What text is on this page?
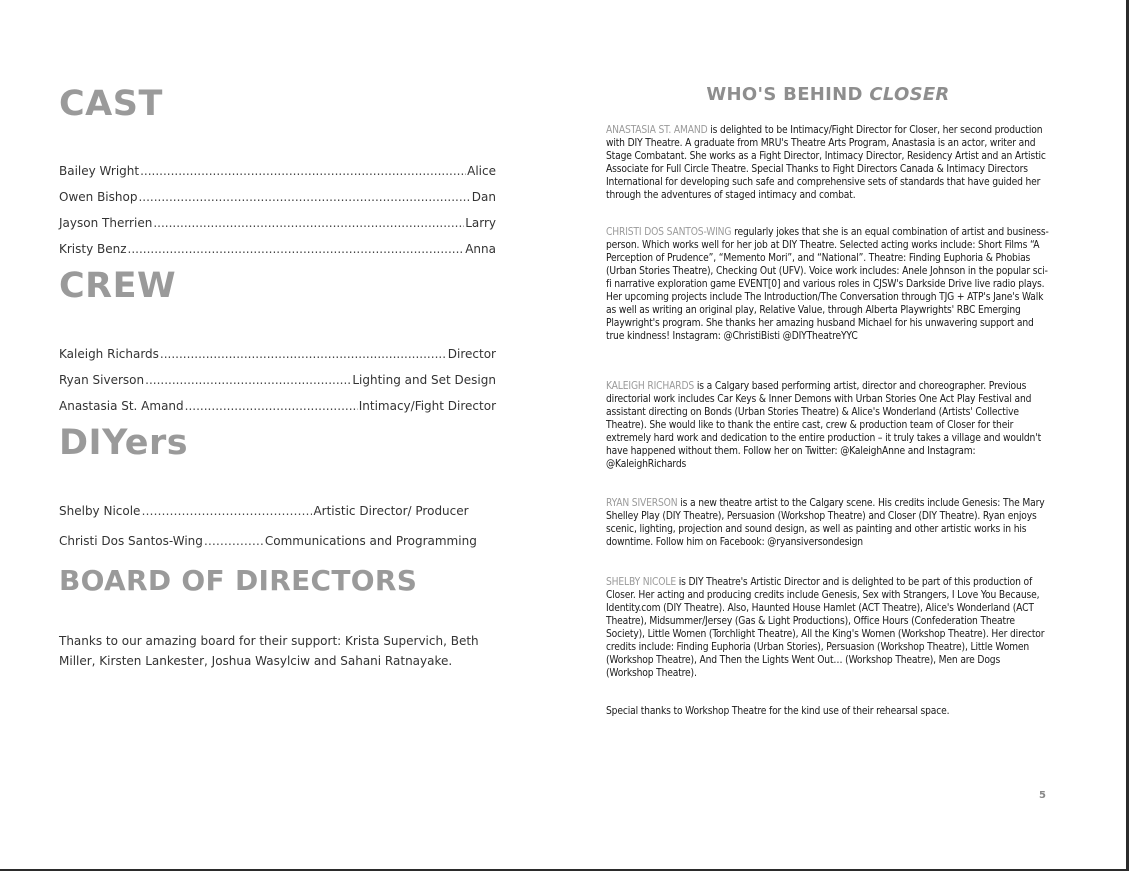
CAST
Bailey Wright .....	Alice
Owen Bishop .....	Dan
Jayson Therrien .....	Larry
Kristy Benz .....	Anna
CREW
Kaleigh Richards .....	Director
Ryan Siverson .....	Lighting and Set Design
Anastasia St. Amand .....	Intimacy/Fight Director
DIYers
Shelby Nicole ……………………………………………………………………	Artistic Director/ Producer
Christi Dos Santos-Wing ……………………………………………………………………	Communications and Programming
BOARD OF DIRECTORS

Thanks to our amazing board for their support: Krista Supervich, Beth Miller, Kirsten Lankester, Joshua Wasylciw and Sahani Ratnayake.

WHO'S BEHIND CLOSER

ANASTASIA ST. AMAND is delighted to be Intimacy/Fight Director for Closer, her second production with DIY Theatre. A graduate from MRU's Theatre Arts Program, Anastasia is an actor, writer and Stage Combatant. She works as a Fight Director, Intimacy Director, Residency Artist and an Artistic Associate for Full Circle Theatre. Special Thanks to Fight Directors Canada & Intimacy Directors International for developing such safe and comprehensive sets of standards that have guided her through the adventures of staged intimacy and combat.

CHRISTI DOS SANTOS-WING regularly jokes that she is an equal combination of artist and business-person. Which works well for her job at DIY Theatre. Selected acting works include: Short Films “A Perception of Prudence”, “Memento Mori”, and “National”. Theatre: Finding Euphoria & Phobias (Urban Stories Theatre), Checking Out (UFV). Voice work includes: Anele Johnson in the popular sci-fi narrative exploration game EVENT[0] and various roles in CJSW's Darkside Drive live radio plays. Her upcoming projects include The Introduction/The Conversation through TJG + ATP's Jane's Walk as well as writing an original play, Relative Value, through Alberta Playwrights' RBC Emerging Playwright's program. She thanks her amazing husband Michael for his unwavering support and true kindness! Instagram: @ChristiBisti @DIYTheatreYYC

KALEIGH RICHARDS is a Calgary based performing artist, director and choreographer. Previous directorial work includes Car Keys & Inner Demons with Urban Stories One Act Play Festival and assistant directing on Bonds (Urban Stories Theatre) & Alice's Wonderland (Artists' Collective Theatre). She would like to thank the entire cast, crew & production team of Closer for their extremely hard work and dedication to the entire production – it truly takes a village and wouldn't have happened without them. Follow her on Twitter: @KaleighAnne and Instagram: @KaleighRichards

RYAN SIVERSON is a new theatre artist to the Calgary scene. His credits include Genesis: The Mary Shelley Play (DIY Theatre), Persuasion (Workshop Theatre) and Closer (DIY Theatre). Ryan enjoys scenic, lighting, projection and sound design, as well as painting and other artistic works in his downtime. Follow him on Facebook: @ryansiversondesign

SHELBY NICOLE is DIY Theatre's Artistic Director and is delighted to be part of this production of Closer. Her acting and producing credits include Genesis, Sex with Strangers, I Love You Because, Identity.com (DIY Theatre). Also, Haunted House Hamlet (ACT Theatre), Alice's Wonderland (ACT Theatre), Midsummer/Jersey (Gas & Light Productions), Office Hours (Confederation Theatre Society), Little Women (Torchlight Theatre), All the King's Women (Workshop Theatre). Her director credits include: Finding Euphoria (Urban Stories), Persuasion (Workshop Theatre), Little Women (Workshop Theatre), And Then the Lights Went Out… (Workshop Theatre), Men are Dogs (Workshop Theatre).

Special thanks to Workshop Theatre for the kind use of their rehearsal space.

5
